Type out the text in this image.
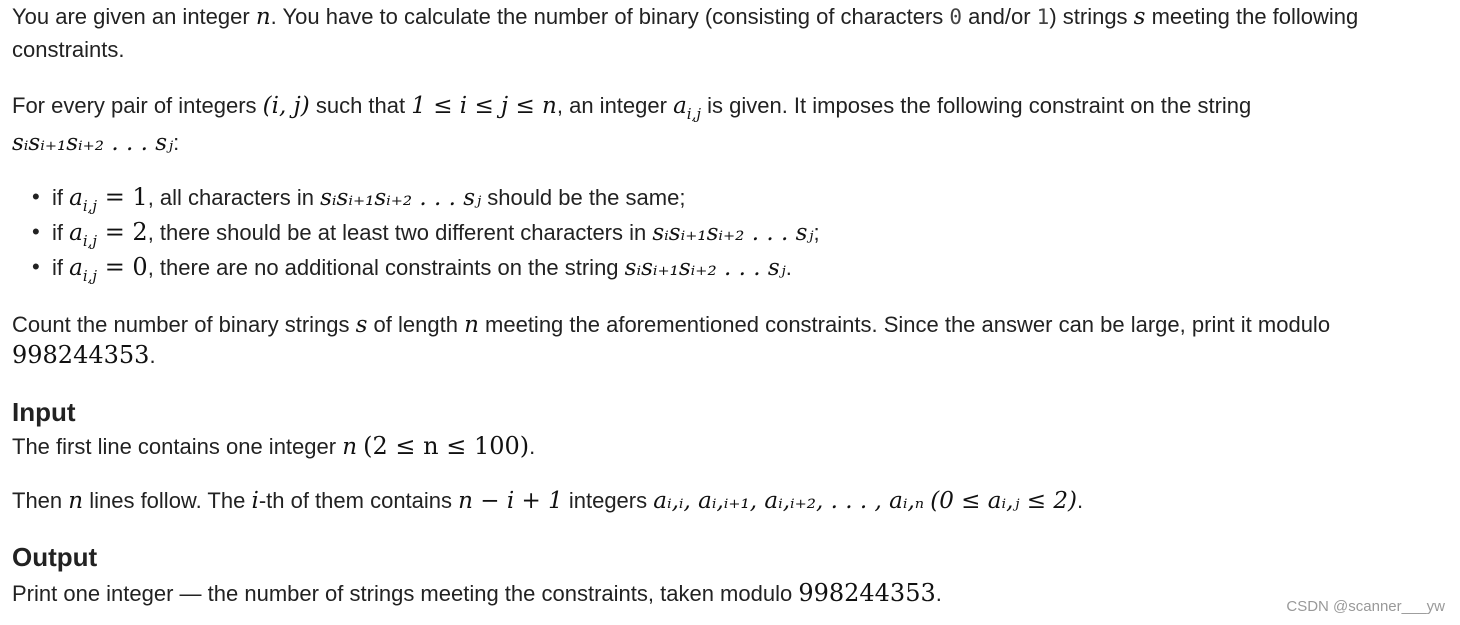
You are given an integer n. You have to calculate the number of binary (consisting of characters 0 and/or 1) strings s meeting the following
constraints.
For every pair of integers (i, j) such that 1 ≤ i ≤ j ≤ n, an integer $a_{i,j}$ is given. It imposes the following constraint on the string
sᵢsᵢ₊₁sᵢ₊₂ . . . sⱼ:
• if $a_{i,j} = 1$, all characters in sᵢsᵢ₊₁sᵢ₊₂ . . . sⱼ should be the same;
• if $a_{i,j} = 2$, there should be at least two different characters in sᵢsᵢ₊₁sᵢ₊₂ . . . sⱼ;
• if $a_{i,j} = 0$, there are no additional constraints on the string sᵢsᵢ₊₁sᵢ₊₂ . . . sⱼ.
Count the number of binary strings s of length n meeting the aforementioned constraints. Since the answer can be large, print it modulo
998244353.
Input
The first line contains one integer n (2 ≤ n ≤ 100).
Then n lines follow. The i-th of them contains n − i + 1 integers aᵢ,ᵢ, aᵢ,ᵢ₊₁, aᵢ,ᵢ₊₂, . . . , aᵢ,ₙ (0 ≤ aᵢ,ⱼ ≤ 2).
Output
Print one integer — the number of strings meeting the constraints, taken modulo 998244353.
CSDN @scanner___yw
